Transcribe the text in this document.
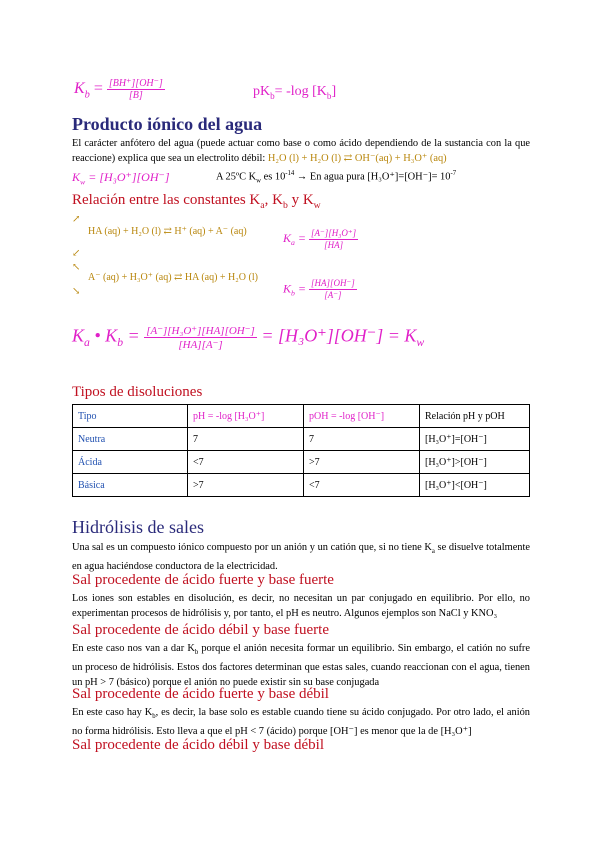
$K_b = \frac{[BH^+][OH^-]}{[B]}$	$pK_b= -\log$ $[K_b]$
Producto iónico del agua
El carácter anfótero del agua (puede actuar como base o como ácido dependiendo de la sustancia con la que reaccione) explica que sea un electrolito débil: H₂O (l) + H₂O (l) ⇄ OH⁻(aq) + H₃O⁺ (aq)
$K_w = [H_3O^+][OH^-]$	A 25ºC $K_w$ es $10^{-14} \to En$ agua pura $[H_3O^+]=[OH^-]= 10^{-7}$
Relación entre las constantes $K_a$, $K_b$ y $K_w$
↗
HA (aq) + H₂O (l) ⇄ H⁺ (aq) + A⁻ (aq)
↙
$K_a = \frac{\text{[A⁻][H₃O⁺]}}{[HA]}$
↖
A⁻ (aq) + H₃O⁺ (aq) ⇄ HA (aq) + H₂O (l)
↘	$K_b = \frac{[HA][OH^-]}{[A^-]}$
$K_a$ • $K_b = \frac{\text{[A⁻][H₃O⁺][HA][OH⁻]}}{[HA][A^-]} = [H_3O^+][OH^-] = K_w$
Tipos de disoluciones
Tipo	pH = -log [H₃O⁺]	pOH = -log [OH⁻]	Relación pH y pOH
Neutra	7	7	[H₃O⁺]=[OH⁻]
Ácida	<7	>7	[H₃O⁺]>[OH⁻]
Básica	>7	<7	[H₃O⁺]<[OH⁻]
Hidrólisis de sales
Una sal es un compuesto iónico compuesto por un anión y un catión que, si no tiene $K_a$ se disuelve totalmente en agua haciéndose conductora de la electricidad.
Sal procedente de ácido fuerte y base fuerte
Los iones son estables en disolución, es decir, no necesitan un par conjugado en equilibrio. Por ello, no experimentan procesos de hidrólisis y, por tanto, el pH es neutro. Algunos ejemplos son NaCl y KNO₃
Sal procedente de ácido débil y base fuerte
En este caso nos van a dar $K_b$ porque el anión necesita formar un equilibrio. Sin embargo, el catión no sufre un proceso de hidrólisis. Estos dos factores determinan que estas sales, cuando reaccionan con el agua, tienen un pH > 7 (básico) porque el anión no puede existir sin su base conjugada
Sal procedente de ácido fuerte y base débil
En este caso hay $K_b$, es decir, la base solo es estable cuando tiene su ácido conjugado. Por otro lado, el anión no forma hidrólisis. Esto lleva a que el pH < 7 (ácido) porque [OH⁻] es menor que la de [H₃O⁺]
Sal procedente de ácido débil y base débil
